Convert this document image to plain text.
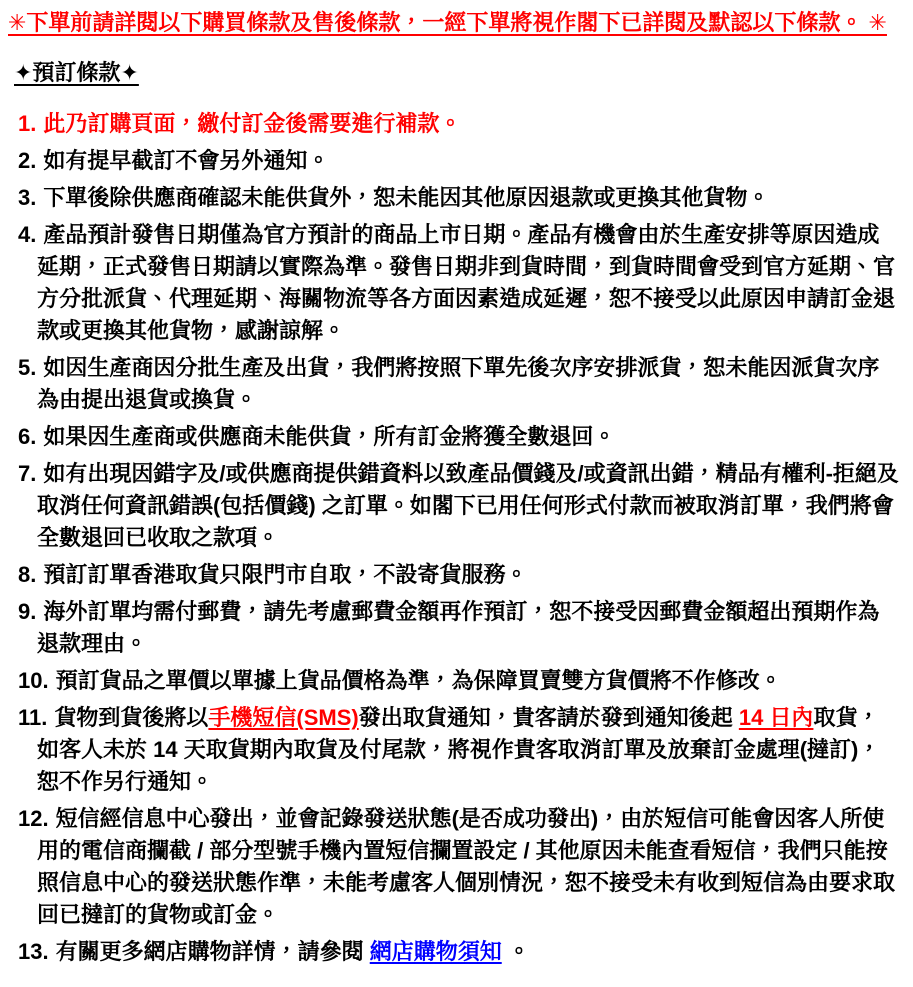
✳下單前請詳閱以下購買條款及售後條款，一經下單將視作閣下已詳閱及默認以下條款。 ✳

✦預訂條款✦
1. 此乃訂購頁面，繳付訂金後需要進行補款。
2. 如有提早截訂不會另外通知。
3. 下單後除供應商確認未能供貨外，恕未能因其他原因退款或更換其他貨物。
4. 產品預計發售日期僅為官方預計的商品上市日期。產品有機會由於生產安排等原因造成延期，正式發售日期請以實際為準。發售日期非到貨時間，到貨時間會受到官方延期、官方分批派貨、代理延期、海關物流等各方面因素造成延遲，恕不接受以此原因申請訂金退款或更換其他貨物，感謝諒解。
5. 如因生產商因分批生產及出貨，我們將按照下單先後次序安排派貨，恕未能因派貨次序為由提出退貨或換貨。
6. 如果因生產商或供應商未能供貨，所有訂金將獲全數退回。
7. 如有出現因錯字及/或供應商提供錯資料以致產品價錢及/或資訊出錯，精品有權利-拒絕及取消任何資訊錯誤(包括價錢) 之訂單。如閣下已用任何形式付款而被取消訂單，我們將會全數退回已收取之款項。
8. 預訂訂單香港取貨只限門市自取，不設寄貨服務。
9. 海外訂單均需付郵費，請先考慮郵費金額再作預訂，恕不接受因郵費金額超出預期作為退款理由。
10. 預訂貨品之單價以單據上貨品價格為準，為保障買賣雙方貨價將不作修改。
11. 貨物到貨後將以手機短信(SMS)發出取貨通知，貴客請於發到通知後起 14 日內取貨，如客人未於 14 天取貨期內取貨及付尾款，將視作貴客取消訂單及放棄訂金處理(撻訂)，恕不作另行通知。
12. 短信經信息中心發出，並會記錄發送狀態(是否成功發出)，由於短信可能會因客人所使用的電信商攔截 / 部分型號手機內置短信攔置設定 / 其他原因未能查看短信，我們只能按照信息中心的發送狀態作準，未能考慮客人個別情況，恕不接受未有收到短信為由要求取回已撻訂的貨物或訂金。
13. 有關更多網店購物詳情，請參閱 網店購物須知 。
